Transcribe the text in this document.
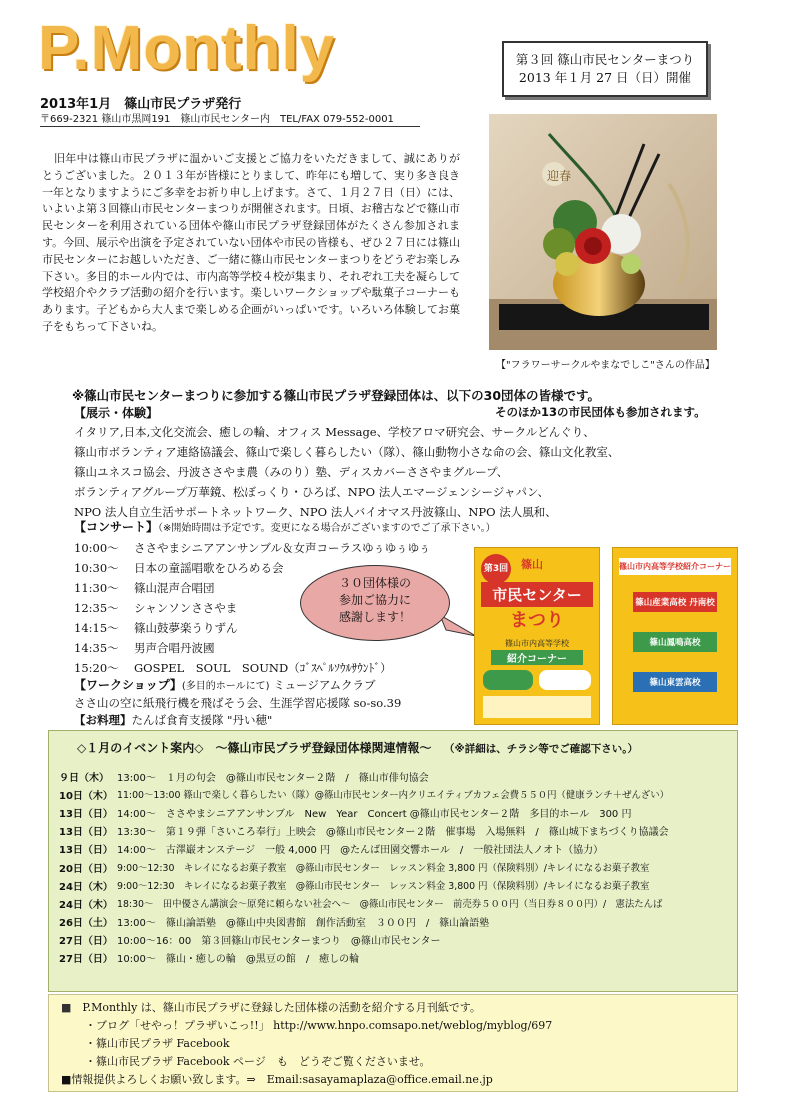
P.Monthly	第３回 篠山市民センターまつり
2013 年１月 27 日（日）開催
2013年1月　篠山市民プラザ発行
〒669-2321 篠山市黒岡191　篠山市民センター内　TEL/FAX 079-552-0001
旧年中は篠山市民プラザに温かいご支援とご協力をいただきまして、誠にありがとうございました。２０１３年が皆様にとりまして、昨年にも増して、実り多き良き一年となりますようにご多幸をお祈り申し上げます。さて、１月２７日（日）には、いよいよ第３回篠山市民センターまつりが開催されます。日頃、お稽古などで篠山市民センターを利用されている団体や篠山市民プラザ登録団体がたくさん参加されます。今回、展示や出演を予定されていない団体や市民の皆様も、ぜひ２７日には篠山市民センターにお越しいただき、ご一緒に篠山市民センターまつりをどうぞお楽しみ下さい。多目的ホール内では、市内高等学校４校が集まり、それぞれ工夫を凝らして学校紹介やクラブ活動の紹介を行います。楽しいワークショップや駄菓子コーナーもあります。子どもから大人まで楽しめる企画がいっぱいです。いろいろ体験してお菓子をもちって下さいね。
迎春
【"フラワーサークルやまなでしこ"さんの作品】
※篠山市民センターまつりに参加する篠山市民プラザ登録団体は、以下の30団体の皆様です。
【展示・体験】	そのほか13の市民団体も参加されます。
イタリア,日本,文化交流会、癒しの輪、オフィス Message、学校アロマ研究会、サークルどんぐり、
篠山市ボランティア連絡協議会、篠山で楽しく暮らしたい（隊）、篠山動物小さな命の会、篠山文化教室、
篠山ユネスコ協会、丹波ささやま農（みのり）塾、ディスカバーささやまグループ、
ボランティアグループ万華鏡、松ぼっくり・ひろば、NPO 法人エマージェンシージャパン、
NPO 法人自立生活サポートネットワーク、NPO 法人バイオマス丹波篠山、NPO 法人風和、
【コンサート】（※開始時間は予定です。変更になる場合がございますのでご了承下さい。）
10:00～	ささやまシニアアンサンブル＆女声コーラスゆぅゆぅゆぅ
10:30～	日本の童謡唱歌をひろめる会
11:30～	篠山混声合唱団
12:35～	シャンソンささやま
14:15～	篠山鼓夢楽うりずん
14:35～	男声合唱丹波國
15:20～	GOSPEL　SOUL　SOUND（ｺﾞｽﾍﾟﾙｿｳﾙｻｳﾝﾄﾞ）
３０団体様の
参加ご協力に
感謝します！
【ワークショップ】(多目的ホールにて) ミュージアムクラブ
ささ山の空に紙飛行機を飛ばそう会、生涯学習応援隊 so-so.39
【お料理】たんば食育支援隊 "丹い穂"
第3回 篠山
市民センター
まつり
篠山市内高等学校
紹介コーナー
篠山市内高等学校紹介コーナー
篠山産業高校 丹南校
篠山鳳鳴高校
篠山東雲高校
◇１月のイベント案内◇　～篠山市民プラザ登録団体様関連情報～ （※詳細は、チラシ等でご確認下さい。）
９日（木） 13:00～　１月の句会　@篠山市民センター２階　/　篠山市俳句協会
10日（木） 11:00～13:00 篠山で楽しく暮らしたい（隊）@篠山市民センター内クリエイティブカフェ会費５５０円（健康ランチ＋ぜんざい）
13日（日） 14:00～　ささやまシニアアンサンブル　New　Year　Concert @篠山市民センター２階　多目的ホール　300 円
13日（日） 13:30～　第１９弾「さいころ奉行」上映会　@篠山市民センター２階　催事場　入場無料　/　篠山城下まちづくり協議会
13日（日） 14:00～　古澤巌オンステージ　一般 4,000 円　@たんば田園交響ホール　/　一般社団法人ノオト（協力）
20日（日） 9:00～12:30　キレイになるお菓子教室　@篠山市民センター　レッスン料金 3,800 円（保険料別）/キレイになるお菓子教室
24日（木） 9:00～12:30　キレイになるお菓子教室　@篠山市民センター　レッスン料金 3,800 円（保険料別）/キレイになるお菓子教室
24日（木） 18:30～　田中優さん講演会～原発に頼らない社会へ～　@篠山市民センター　前売券５００円（当日券８００円）/　憲法たんば
26日（土） 13:00～　篠山論語塾　@篠山中央図書館　創作活動室　３００円　/　篠山論語塾
27日（日） 10:00～16：00　第３回篠山市民センターまつり　@篠山市民センター
27日（日） 10:00～　篠山・癒しの輪　@黒豆の館　/　癒しの輪
■　P.Monthly は、篠山市民プラザに登録した団体様の活動を紹介する月刊紙です。
・ブログ「せやっ！プラザいこっ!!」 http://www.hnpo.comsapo.net/weblog/myblog/697
・篠山市民プラザ Facebook
・篠山市民プラザ Facebook ページ　も　どうぞご覧くださいませ。
■情報提供よろしくお願い致します。⇒　Email:sasayamaplaza@office.email.ne.jp
